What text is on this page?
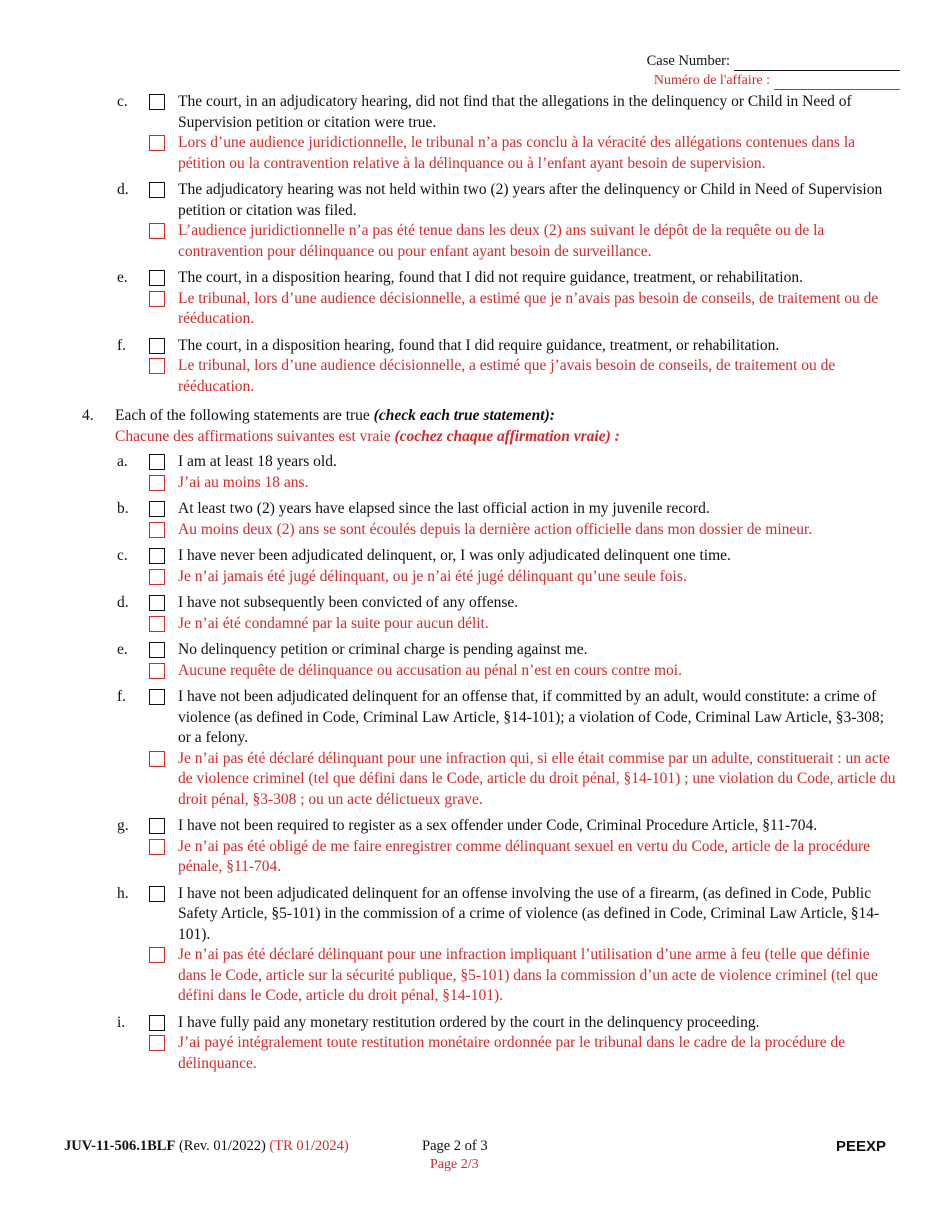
Case Number:
Numéro de l'affaire :
c.	The court, in an adjudicatory hearing, did not find that the allegations in the delinquency or Child in Need of Supervision petition or citation were true.
Lors d’une audience juridictionnelle, le tribunal n’a pas conclu à la véracité des allégations contenues dans la pétition ou la contravention relative à la délinquance ou à l’enfant ayant besoin de supervision.
d.	The adjudicatory hearing was not held within two (2) years after the delinquency or Child in Need of Supervision petition or citation was filed.
L’audience juridictionnelle n’a pas été tenue dans les deux (2) ans suivant le dépôt de la requête ou de la contravention pour délinquance ou pour enfant ayant besoin de surveillance.
e.	The court, in a disposition hearing, found that I did not require guidance, treatment, or rehabilitation.
Le tribunal, lors d’une audience décisionnelle, a estimé que je n’avais pas besoin de conseils, de traitement ou de rééducation.
f.	The court, in a disposition hearing, found that I did require guidance, treatment, or rehabilitation.
Le tribunal, lors d’une audience décisionnelle, a estimé que j’avais besoin de conseils, de traitement ou de rééducation.
4. Each of the following statements are true (check each true statement):
Chacune des affirmations suivantes est vraie (cochez chaque affirmation vraie) :
a.	I am at least 18 years old.
J’ai au moins 18 ans.
b.	At least two (2) years have elapsed since the last official action in my juvenile record.
Au moins deux (2) ans se sont écoulés depuis la dernière action officielle dans mon dossier de mineur.
c.	I have never been adjudicated delinquent, or, I was only adjudicated delinquent one time.
Je n’ai jamais été jugé délinquant, ou je n’ai été jugé délinquant qu’une seule fois.
d.	I have not subsequently been convicted of any offense.
Je n’ai été condamné par la suite pour aucun délit.
e.	No delinquency petition or criminal charge is pending against me.
Aucune requête de délinquance ou accusation au pénal n’est en cours contre moi.
f.	I have not been adjudicated delinquent for an offense that, if committed by an adult, would constitute: a crime of violence (as defined in Code, Criminal Law Article, §14-101); a violation of Code, Criminal Law Article, §3-308; or a felony.
Je n’ai pas été déclaré délinquant pour une infraction qui, si elle était commise par un adulte, constituerait : un acte de violence criminel (tel que défini dans le Code, article du droit pénal, §14-101) ; une violation du Code, article du droit pénal, §3-308 ; ou un acte délictueux grave.
g.	I have not been required to register as a sex offender under Code, Criminal Procedure Article, §11-704.
Je n’ai pas été obligé de me faire enregistrer comme délinquant sexuel en vertu du Code, article de la procédure pénale, §11-704.
h.	I have not been adjudicated delinquent for an offense involving the use of a firearm, (as defined in Code, Public Safety Article, §5-101) in the commission of a crime of violence (as defined in Code, Criminal Law Article, §14-101).
Je n’ai pas été déclaré délinquant pour une infraction impliquant l’utilisation d’une arme à feu (telle que définie dans le Code, article sur la sécurité publique, §5-101) dans la commission d’un acte de violence criminel (tel que défini dans le Code, article du droit pénal, §14-101).
i.	I have fully paid any monetary restitution ordered by the court in the delinquency proceeding.
J’ai payé intégralement toute restitution monétaire ordonnée par le tribunal dans le cadre de la procédure de délinquance.
JUV-11-506.1BLF (Rev. 01/2022) (TR 01/2024)	Page 2 of 3
Page 2/3
PEEXP
